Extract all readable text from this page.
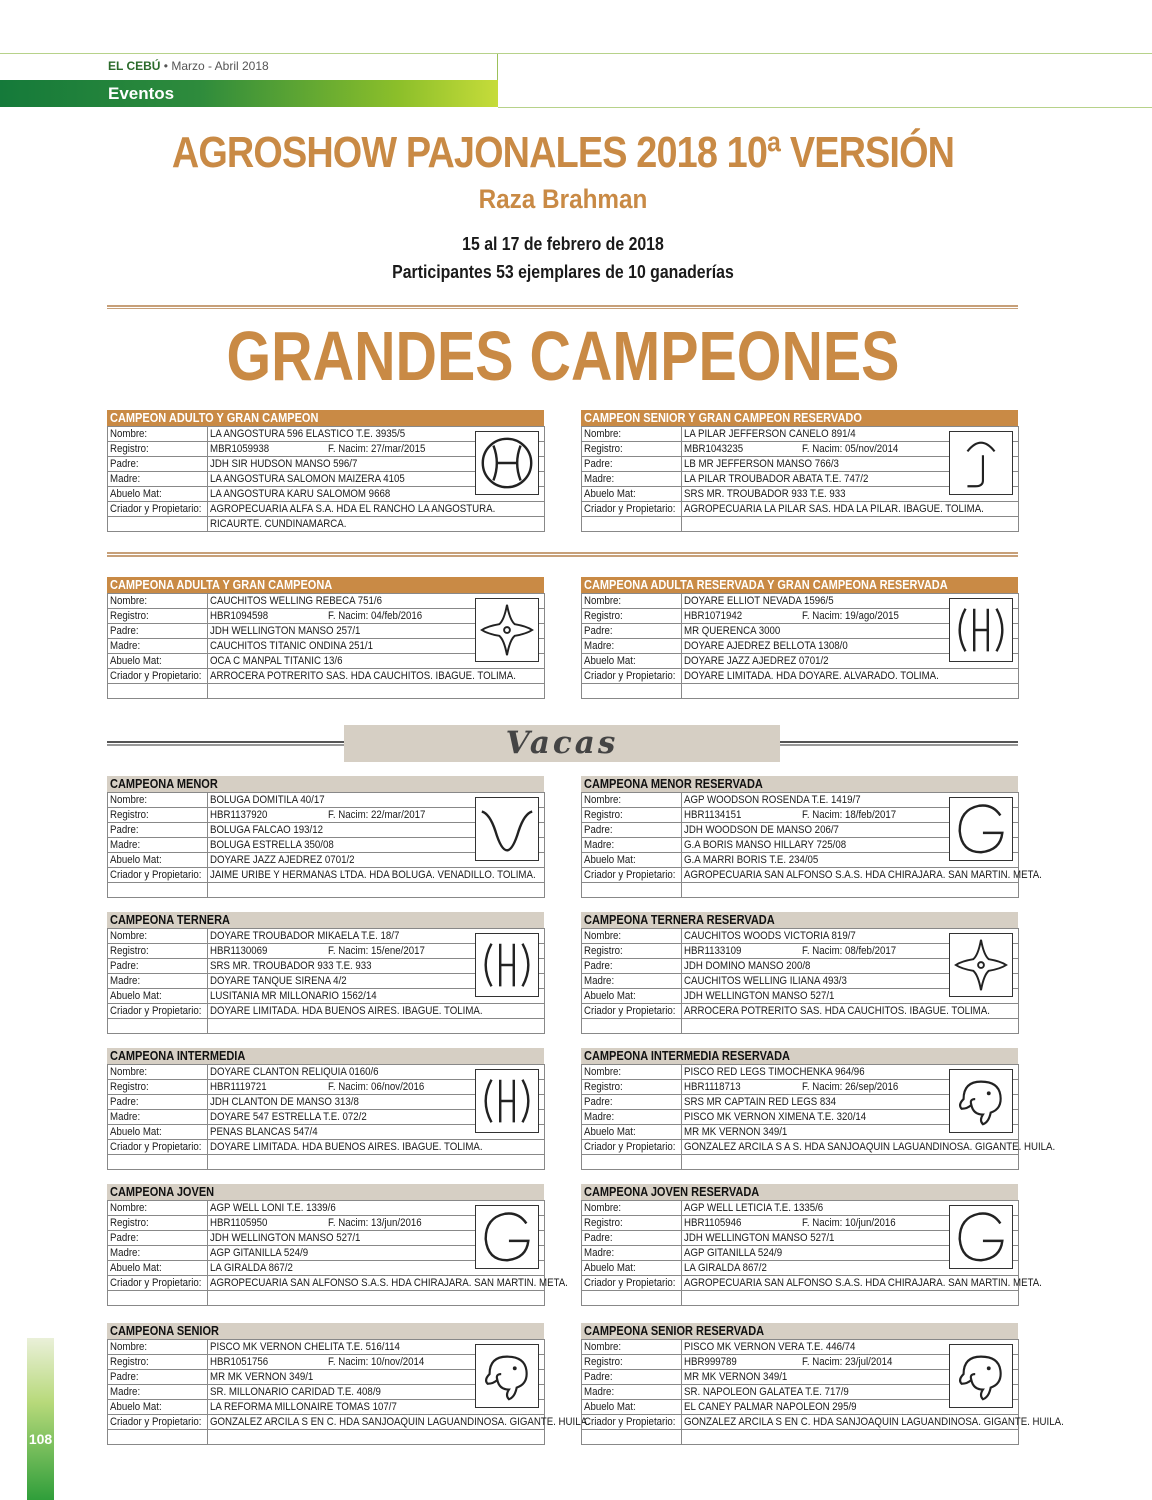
EL CEBÚ • Marzo - Abril 2018
Eventos
AGROSHOW PAJONALES 2018 10ª VERSIÓN
Raza Brahman
15 al 17 de febrero de 2018
Participantes 53 ejemplares de 10 ganaderías
GRANDES CAMPEONES
Vacas
CAMPEON ADULTO Y GRAN CAMPEON
Nombre:	LA ANGOSTURA 596 ELASTICO T.E. 3935/5
Registro:	MBR1059938 F. Nacim: 27/mar/2015

Padre:	JDH SIR HUDSON MANSO 596/7
Madre:	LA ANGOSTURA SALOMON MAIZERA 4105
Abuelo Mat:	LA ANGOSTURA KARU SALOMOM 9668
Criador y Propietario:	AGROPECUARIA ALFA S.A. HDA EL RANCHO LA ANGOSTURA.
	RICAURTE. CUNDINAMARCA.
CAMPEON SENIOR Y GRAN CAMPEON RESERVADO
Nombre:	LA PILAR JEFFERSON CANELO 891/4
Registro:	MBR1043235 F. Nacim: 05/nov/2014

Padre:	LB MR JEFFERSON MANSO 766/3
Madre:	LA PILAR TROUBADOR ABATA T.E. 747/2
Abuelo Mat:	SRS MR. TROUBADOR 933 T.E. 933
Criador y Propietario:	AGROPECUARIA LA PILAR SAS. HDA LA PILAR. IBAGUE. TOLIMA.

CAMPEONA ADULTA Y GRAN CAMPEONA
Nombre:	CAUCHITOS WELLING REBECA 751/6
Registro:	HBR1094598 F. Nacim: 04/feb/2016

Padre:	JDH WELLINGTON MANSO 257/1
Madre:	CAUCHITOS TITANIC ONDINA 251/1
Abuelo Mat:	OCA C MANPAL TITANIC 13/6
Criador y Propietario:	ARROCERA POTRERITO SAS. HDA CAUCHITOS. IBAGUE. TOLIMA.

CAMPEONA ADULTA RESERVADA Y GRAN CAMPEONA RESERVADA
Nombre:	DOYARE ELLIOT NEVADA 1596/5
Registro:	HBR1071942 F. Nacim: 19/ago/2015

Padre:	MR QUERENCA 3000
Madre:	DOYARE AJEDREZ BELLOTA 1308/0
Abuelo Mat:	DOYARE JAZZ AJEDREZ 0701/2
Criador y Propietario:	DOYARE LIMITADA. HDA DOYARE. ALVARADO. TOLIMA.

CAMPEONA MENOR
Nombre:	BOLUGA DOMITILA 40/17
Registro:	HBR1137920 F. Nacim: 22/mar/2017

Padre:	BOLUGA FALCAO 193/12
Madre:	BOLUGA ESTRELLA 350/08
Abuelo Mat:	DOYARE JAZZ AJEDREZ 0701/2
Criador y Propietario:	JAIME URIBE Y HERMANAS LTDA. HDA BOLUGA. VENADILLO. TOLIMA.

CAMPEONA MENOR RESERVADA
Nombre:	AGP WOODSON ROSENDA T.E. 1419/7
Registro:	HBR1134151 F. Nacim: 18/feb/2017

Padre:	JDH WOODSON DE MANSO 206/7
Madre:	G.A BORIS MANSO HILLARY 725/08
Abuelo Mat:	G.A MARRI BORIS T.E. 234/05
Criador y Propietario:	AGROPECUARIA SAN ALFONSO S.A.S. HDA CHIRAJARA. SAN MARTIN. META.

CAMPEONA TERNERA
Nombre:	DOYARE TROUBADOR MIKAELA T.E. 18/7
Registro:	HBR1130069 F. Nacim: 15/ene/2017

Padre:	SRS MR. TROUBADOR 933 T.E. 933
Madre:	DOYARE TANQUE SIRENA 4/2
Abuelo Mat:	LUSITANIA MR MILLONARIO 1562/14
Criador y Propietario:	DOYARE LIMITADA. HDA BUENOS AIRES. IBAGUE. TOLIMA.

CAMPEONA TERNERA RESERVADA
Nombre:	CAUCHITOS WOODS VICTORIA 819/7
Registro:	HBR1133109 F. Nacim: 08/feb/2017

Padre:	JDH DOMINO MANSO 200/8
Madre:	CAUCHITOS WELLING ILIANA 493/3
Abuelo Mat:	JDH WELLINGTON MANSO 527/1
Criador y Propietario:	ARROCERA POTRERITO SAS. HDA CAUCHITOS. IBAGUE. TOLIMA.

CAMPEONA INTERMEDIA
Nombre:	DOYARE CLANTON RELIQUIA 0160/6
Registro:	HBR1119721 F. Nacim: 06/nov/2016

Padre:	JDH CLANTON DE MANSO 313/8
Madre:	DOYARE 547 ESTRELLA T.E. 072/2
Abuelo Mat:	PENAS BLANCAS 547/4
Criador y Propietario:	DOYARE LIMITADA. HDA BUENOS AIRES. IBAGUE. TOLIMA.

CAMPEONA INTERMEDIA RESERVADA
Nombre:	PISCO RED LEGS TIMOCHENKA 964/96
Registro:	HBR1118713 F. Nacim: 26/sep/2016

Padre:	SRS MR CAPTAIN RED LEGS 834
Madre:	PISCO MK VERNON XIMENA T.E. 320/14
Abuelo Mat:	MR MK VERNON 349/1
Criador y Propietario:	GONZALEZ ARCILA S A S. HDA SANJOAQUIN LAGUANDINOSA. GIGANTE. HUILA.

CAMPEONA JOVEN
Nombre:	AGP WELL LONI T.E. 1339/6
Registro:	HBR1105950 F. Nacim: 13/jun/2016

Padre:	JDH WELLINGTON MANSO 527/1
Madre:	AGP GITANILLA 524/9
Abuelo Mat:	LA GIRALDA 867/2
Criador y Propietario:	AGROPECUARIA SAN ALFONSO S.A.S. HDA CHIRAJARA. SAN MARTIN. META.

CAMPEONA JOVEN RESERVADA
Nombre:	AGP WELL LETICIA T.E. 1335/6
Registro:	HBR1105946 F. Nacim: 10/jun/2016

Padre:	JDH WELLINGTON MANSO 527/1
Madre:	AGP GITANILLA 524/9
Abuelo Mat:	LA GIRALDA 867/2
Criador y Propietario:	AGROPECUARIA SAN ALFONSO S.A.S. HDA CHIRAJARA. SAN MARTIN. META.

CAMPEONA SENIOR
Nombre:	PISCO MK VERNON CHELITA T.E. 516/114
Registro:	HBR1051756 F. Nacim: 10/nov/2014

Padre:	MR MK VERNON 349/1
Madre:	SR. MILLONARIO CARIDAD T.E. 408/9
Abuelo Mat:	LA REFORMA MILLONAIRE TOMAS 107/7
Criador y Propietario:	GONZALEZ ARCILA S EN C. HDA SANJOAQUIN LAGUANDINOSA. GIGANTE. HUILA.

CAMPEONA SENIOR RESERVADA
Nombre:	PISCO MK VERNON VERA T.E. 446/74
Registro:	HBR999789 F. Nacim: 23/jul/2014

Padre:	MR MK VERNON 349/1
Madre:	SR. NAPOLEON GALATEA T.E. 717/9
Abuelo Mat:	EL CANEY PALMAR NAPOLEON 295/9
Criador y Propietario:	GONZALEZ ARCILA S EN C. HDA SANJOAQUIN LAGUANDINOSA. GIGANTE. HUILA.

108
